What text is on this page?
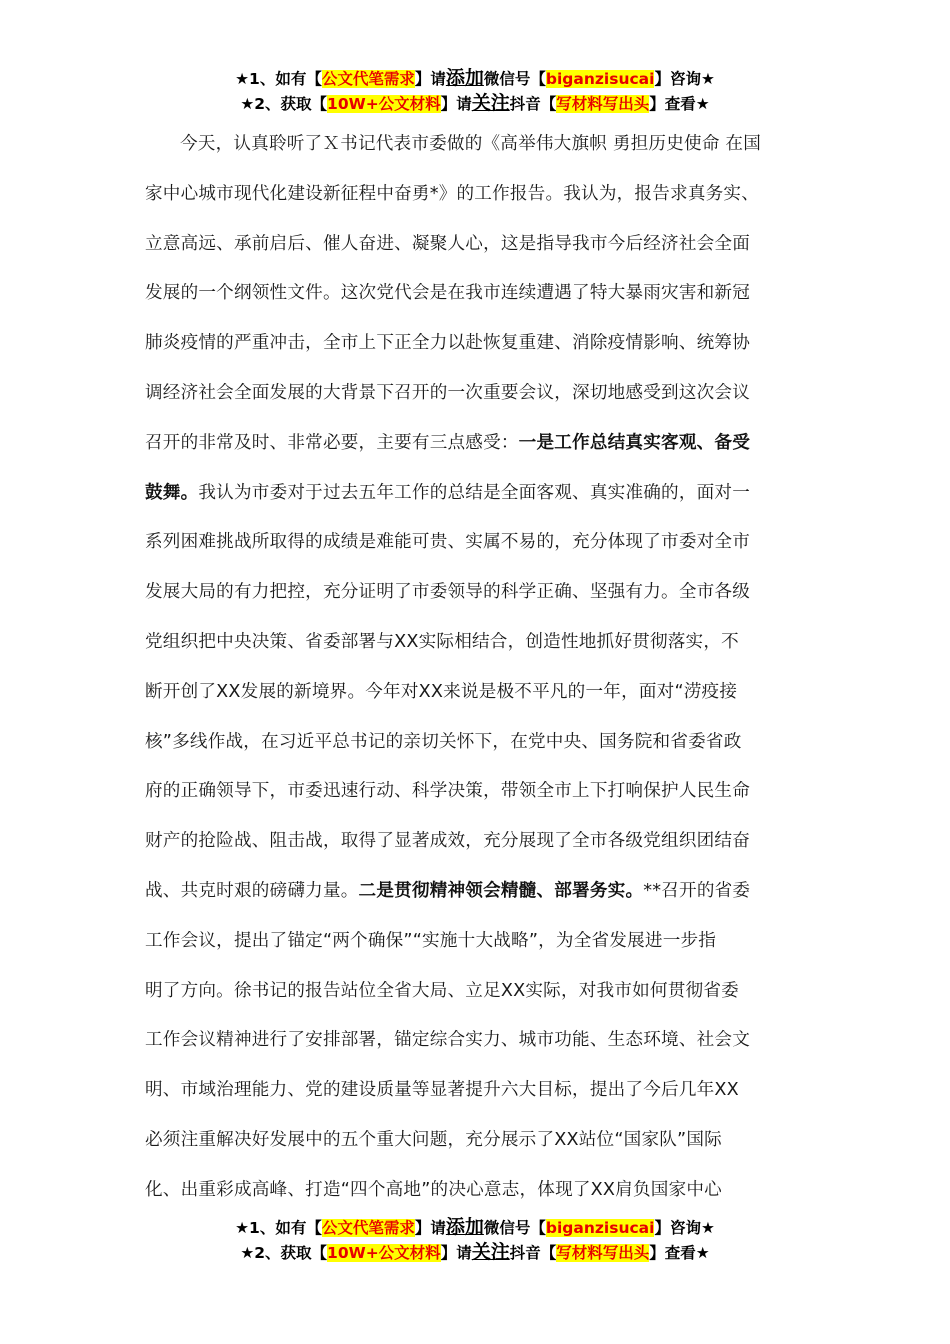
★1、如有【公文代笔需求】请添加微信号【biganzisucai】咨询★
★2、获取【10W+公文材料】请关注抖音【写材料写出头】查看★
今天，认真聆听了Ｘ书记代表市委做的《高举伟大旗帜 勇担历史使命 在国
家中心城市现代化建设新征程中奋勇*》的工作报告。我认为，报告求真务实、
立意高远、承前启后、催人奋进、凝聚人心，这是指导我市今后经济社会全面
发展的一个纲领性文件。这次党代会是在我市连续遭遇了特大暴雨灾害和新冠
肺炎疫情的严重冲击，全市上下正全力以赴恢复重建、消除疫情影响、统筹协
调经济社会全面发展的大背景下召开的一次重要会议，深切地感受到这次会议
召开的非常及时、非常必要，主要有三点感受：一是工作总结真实客观、备受
鼓舞。我认为市委对于过去五年工作的总结是全面客观、真实准确的，面对一
系列困难挑战所取得的成绩是难能可贵、实属不易的，充分体现了市委对全市
发展大局的有力把控，充分证明了市委领导的科学正确、坚强有力。全市各级
党组织把中央决策、省委部署与XX实际相结合，创造性地抓好贯彻落实，不
断开创了XX发展的新境界。今年对XX来说是极不平凡的一年，面对“涝疫接
核”多线作战，在习近平总书记的亲切关怀下，在党中央、国务院和省委省政
府的正确领导下，市委迅速行动、科学决策，带领全市上下打响保护人民生命
财产的抢险战、阻击战，取得了显著成效，充分展现了全市各级党组织团结奋
战、共克时艰的磅礴力量。二是贯彻精神领会精髓、部署务实。**召开的省委
工作会议，提出了锚定“两个确保”“实施十大战略”，为全省发展进一步指
明了方向。徐书记的报告站位全省大局、立足XX实际，对我市如何贯彻省委
工作会议精神进行了安排部署，锚定综合实力、城市功能、生态环境、社会文
明、市域治理能力、党的建设质量等显著提升六大目标，提出了今后几年XX
必须注重解决好发展中的五个重大问题，充分展示了XX站位“国家队”国际
化、出重彩成高峰、打造“四个高地”的决心意志，体现了XX肩负国家中心
★1、如有【公文代笔需求】请添加微信号【biganzisucai】咨询★
★2、获取【10W+公文材料】请关注抖音【写材料写出头】查看★
